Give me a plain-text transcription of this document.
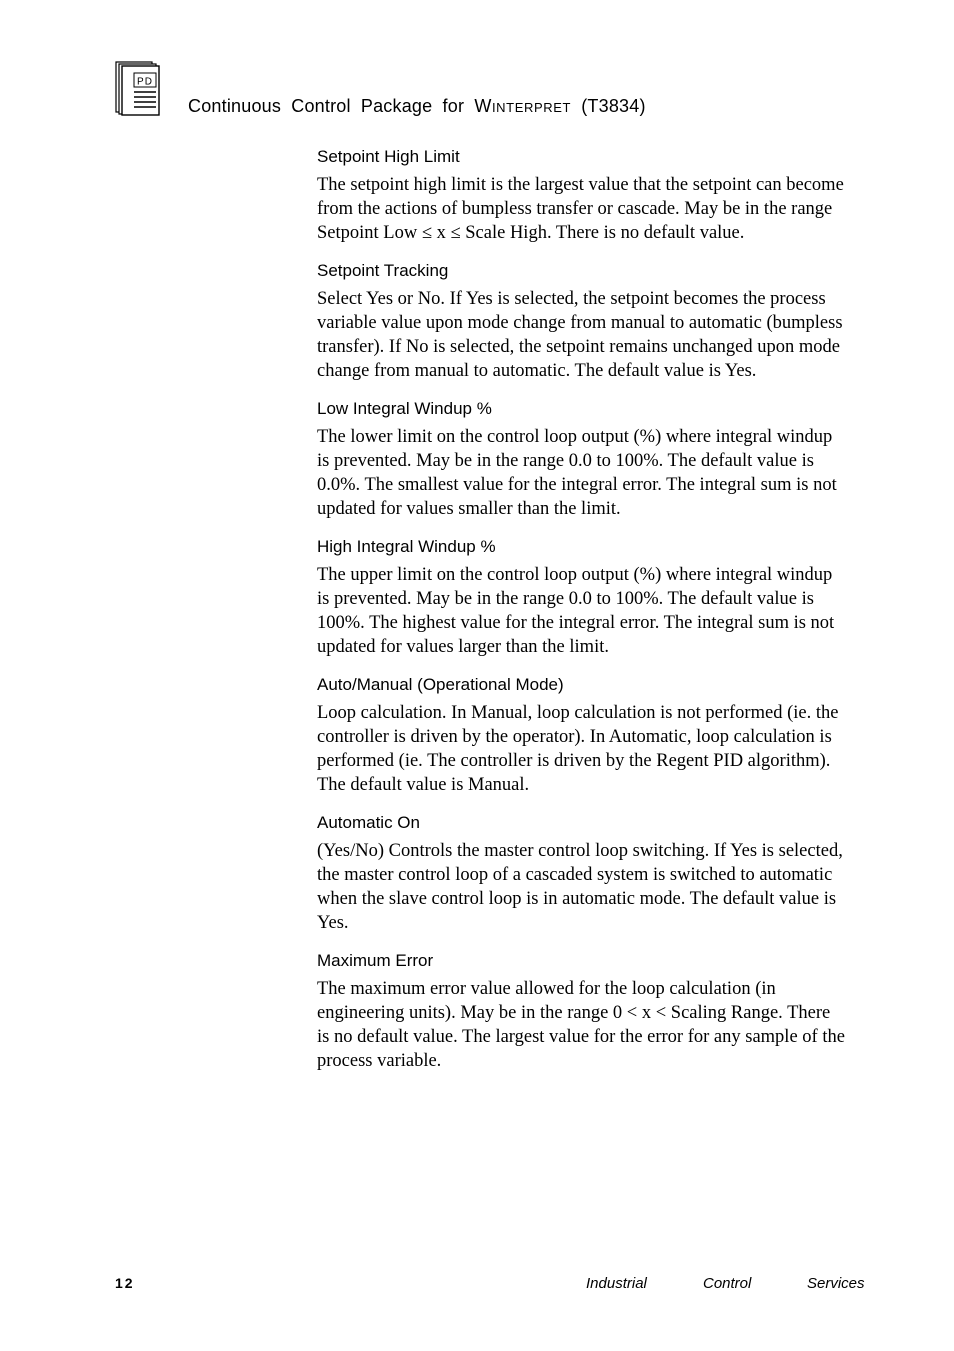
PD
Continuous Control Package for Winterpret (T3834)
Setpoint High Limit

The setpoint high limit is the largest value that the setpoint can become from the actions of bumpless transfer or cascade. May be in the range Setpoint Low ≤ x ≤ Scale High. There is no default value.

Setpoint Tracking

Select Yes or No. If Yes is selected, the setpoint becomes the process variable value upon mode change from manual to automatic (bumpless transfer). If No is selected, the setpoint remains unchanged upon mode change from manual to automatic. The default value is Yes.

Low Integral Windup %

The lower limit on the control loop output (%) where integral windup is prevented. May be in the range 0.0 to 100%. The default value is 0.0%. The smallest value for the integral error. The integral sum is not updated for values smaller than the limit.

High Integral Windup %

The upper limit on the control loop output (%) where integral windup is prevented. May be in the range 0.0 to 100%. The default value is 100%. The highest value for the integral error. The integral sum is not updated for values larger than the limit.

Auto/Manual (Operational Mode)

Loop calculation. In Manual, loop calculation is not performed (ie. the controller is driven by the operator). In Automatic, loop calculation is performed (ie. The controller is driven by the Regent PID algorithm). The default value is Manual.

Automatic On

(Yes/No) Controls the master control loop switching. If Yes is selected, the master control loop of a cascaded system is switched to automatic when the slave control loop is in automatic mode. The default value is Yes.

Maximum Error

The maximum error value allowed for the loop calculation (in engineering units). May be in the range 0 < x < Scaling Range. There is no default value. The largest value for the error for any sample of the process variable.

12	Industrial	Control	Services
